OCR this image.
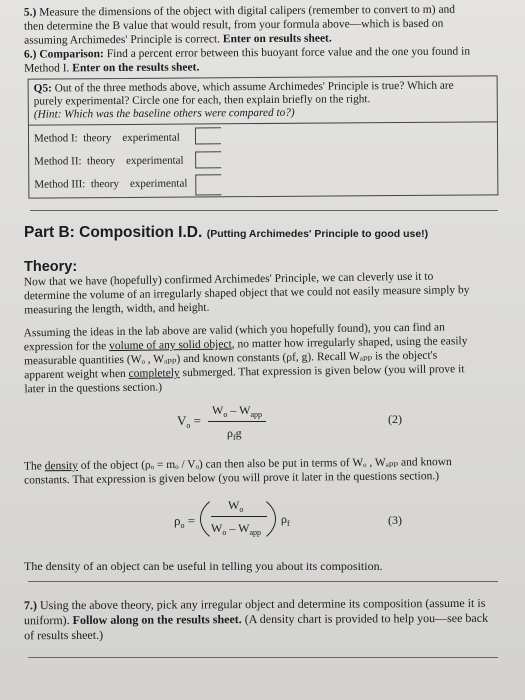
5.) Measure the dimensions of the object with digital calipers (remember to convert to m) and
then determine the B value that would result, from your formula above—which is based on
assuming Archimedes' Principle is correct. Enter on results sheet.
6.) Comparison: Find a percent error between this buoyant force value and the one you found in
Method I. Enter on the results sheet.
Q5: Out of the three methods above, which assume Archimedes' Principle is true? Which are
purely experimental? Circle one for each, then explain briefly on the right.
(Hint: Which was the baseline others were compared to?)
Method I: theory experimental
Method II: theory experimental
Method III: theory experimental
Part B: Composition I.D. (Putting Archimedes' Principle to good use!)
Theory:
Now that we have (hopefully) confirmed Archimedes' Principle, we can cleverly use it to
determine the volume of an irregularly shaped object that we could not easily measure simply by
measuring the length, width, and height.
Assuming the ideas in the lab above are valid (which you hopefully found), you can find an
expression for the volume of any solid object, no matter how irregularly shaped, using the easily
measurable quantities (Wₒ , Wₐₚₚ) and known constants (ρf, g). Recall Wₐₚₚ is the object's
apparent weight when completely submerged. That expression is given below (you will prove it
later in the questions section.)
$V_o$ =
$W_o - W_{app}$
$\rho_fg$
(2)
The density of the object (ρₒ = mₒ / Vₒ) can then also be put in terms of Wₒ , Wₐₚₚ and known
constants. That expression is given below (you will prove it later in the questions section.)
$\rho_o$ =
$W_o$
$W_o - W_{app}$
$\rho_f$	(3)
The density of an object can be useful in telling you about its composition.
7.) Using the above theory, pick any irregular object and determine its composition (assume it is
uniform). Follow along on the results sheet. (A density chart is provided to help you—see back
of results sheet.)
